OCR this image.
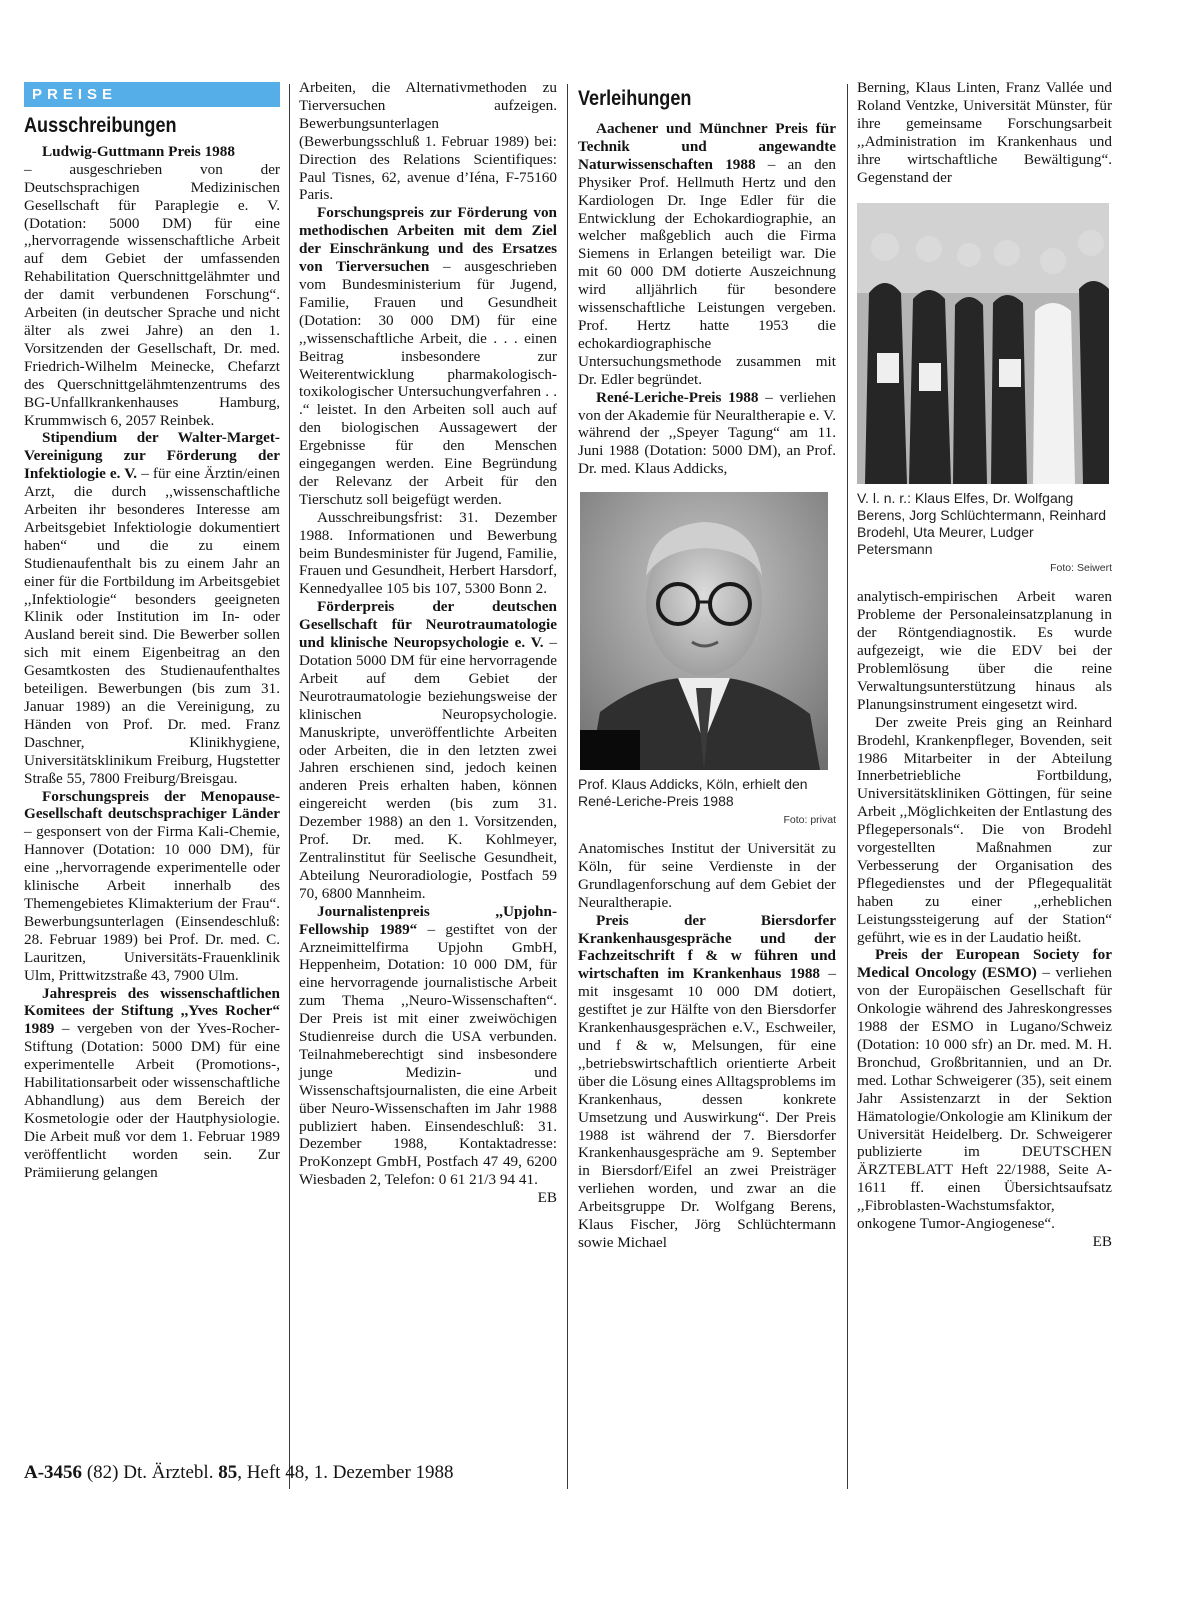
PREISE
Ausschreibungen

Ludwig-Guttmann Preis 1988
– ausgeschrieben von der Deutschsprachigen Medizinischen Gesellschaft für Paraplegie e. V. (Dotation: 5000 DM) für eine ,,hervorragende wissenschaftliche Arbeit auf dem Gebiet der umfassenden Rehabilitation Querschnittgelähmter und der damit verbundenen Forschung“. Arbeiten (in deutscher Sprache und nicht älter als zwei Jahre) an den 1. Vorsitzenden der Gesellschaft, Dr. med. Friedrich-Wilhelm Meinecke, Chefarzt des Querschnittgelähmtenzentrums des BG-Unfallkrankenhauses Hamburg, Krummwisch 6, 2057 Reinbek.

Stipendium der Walter-Marget-Vereinigung zur Förderung der Infektiologie e. V. – für eine Ärztin/einen Arzt, die durch ,,wissenschaftliche Arbeiten ihr besonderes Interesse am Arbeitsgebiet Infektiologie dokumentiert haben“ und die zu einem Studienaufenthalt bis zu einem Jahr an einer für die Fortbildung im Arbeitsgebiet ,,Infektiologie“ besonders geeigneten Klinik oder Institution im In- oder Ausland bereit sind. Die Bewerber sollen sich mit einem Eigenbeitrag an den Gesamtkosten des Studienaufenthaltes beteiligen. Bewerbungen (bis zum 31. Januar 1989) an die Vereinigung, zu Händen von Prof. Dr. med. Franz Daschner, Klinikhygiene, Universitätsklinikum Freiburg, Hugstetter Straße 55, 7800 Freiburg/Breisgau.

Forschungspreis der Menopause-Gesellschaft deutschsprachiger Länder – gesponsert von der Firma Kali-Chemie, Hannover (Dotation: 10 000 DM), für eine ,,hervorragende experimentelle oder klinische Arbeit innerhalb des Themengebietes Klimakterium der Frau“. Bewerbungsunterlagen (Einsendeschluß: 28. Februar 1989) bei Prof. Dr. med. C. Lauritzen, Universitäts-Frauenklinik Ulm, Prittwitzstraße 43, 7900 Ulm.

Jahrespreis des wissenschaftlichen Komitees der Stiftung ,,Yves Rocher“ 1989 – vergeben von der Yves-Rocher-Stiftung (Dotation: 5000 DM) für eine experimentelle Arbeit (Promotions-, Habilitationsarbeit oder wissenschaftliche Abhandlung) aus dem Bereich der Kosmetologie oder der Hautphysiologie. Die Arbeit muß vor dem 1. Februar 1989 veröffentlicht worden sein. Zur Prämiierung gelangen

Arbeiten, die Alternativmethoden zu Tierversuchen aufzeigen. Bewerbungsunterlagen (Bewerbungsschluß 1. Februar 1989) bei: Direction des Relations Scientifiques: Paul Tisnes, 62, avenue d’Iéna, F-75160 Paris.

Forschungspreis zur Förderung von methodischen Arbeiten mit dem Ziel der Einschränkung und des Ersatzes von Tierversuchen – ausgeschrieben vom Bundesministerium für Jugend, Familie, Frauen und Gesundheit (Dotation: 30 000 DM) für eine ,,wissenschaftliche Arbeit, die . . . einen Beitrag insbesondere zur Weiterentwicklung pharmakologisch-toxikologischer Untersuchungverfahren . . .“ leistet. In den Arbeiten soll auch auf den biologischen Aussagewert der Ergebnisse für den Menschen eingegangen werden. Eine Begründung der Relevanz der Arbeit für den Tierschutz soll beigefügt werden.

Ausschreibungsfrist: 31. Dezember 1988. Informationen und Bewerbung beim Bundesminister für Jugend, Familie, Frauen und Gesundheit, Herbert Harsdorf, Kennedyallee 105 bis 107, 5300 Bonn 2.

Förderpreis der deutschen Gesellschaft für Neurotraumatologie und klinische Neuropsychologie e. V. – Dotation 5000 DM für eine hervorragende Arbeit auf dem Gebiet der Neurotraumatologie beziehungsweise der klinischen Neuropsychologie. Manuskripte, unveröffentlichte Arbeiten oder Arbeiten, die in den letzten zwei Jahren erschienen sind, jedoch keinen anderen Preis erhalten haben, können eingereicht werden (bis zum 31. Dezember 1988) an den 1. Vorsitzenden, Prof. Dr. med. K. Kohlmeyer, Zentralinstitut für Seelische Gesundheit, Abteilung Neuroradiologie, Postfach 59 70, 6800 Mannheim.

Journalistenpreis ,,Upjohn-Fellowship 1989“ – gestiftet von der Arzneimittelfirma Upjohn GmbH, Heppenheim, Dotation: 10 000 DM, für eine hervorragende journalistische Arbeit zum Thema ,,Neuro-Wissenschaften“. Der Preis ist mit einer zweiwöchigen Studienreise durch die USA verbunden. Teilnahmeberechtigt sind insbesondere junge Medizin- und Wissenschaftsjournalisten, die eine Arbeit über Neuro-Wissenschaften im Jahr 1988 publiziert haben. Einsendeschluß: 31. Dezember 1988, Kontaktadresse: ProKonzept GmbH, Postfach 47 49, 6200 Wiesbaden 2, Telefon: 0 61 21/3 94 41.

EB

Verleihungen

Aachener und Münchner Preis für Technik und angewandte Naturwissenschaften 1988 – an den Physiker Prof. Hellmuth Hertz und den Kardiologen Dr. Inge Edler für die Entwicklung der Echokardiographie, an welcher maßgeblich auch die Firma Siemens in Erlangen beteiligt war. Die mit 60 000 DM dotierte Auszeichnung wird alljährlich für besondere wissenschaftliche Leistungen vergeben. Prof. Hertz hatte 1953 die echokardiographische Untersuchungsmethode zusammen mit Dr. Edler begründet.

René-Leriche-Preis 1988 – verliehen von der Akademie für Neuraltherapie e. V. während der ,,Speyer Tagung“ am 11. Juni 1988 (Dotation: 5000 DM), an Prof. Dr. med. Klaus Addicks,

Prof. Klaus Addicks, Köln, erhielt den René-Leriche-Preis 1988
Foto: privat

Anatomisches Institut der Universität zu Köln, für seine Verdienste in der Grundlagenforschung auf dem Gebiet der Neuraltherapie.

Preis der Biersdorfer Krankenhausgespräche und der Fachzeitschrift f & w führen und wirtschaften im Krankenhaus 1988 – mit insgesamt 10 000 DM dotiert, gestiftet je zur Hälfte von den Biersdorfer Krankenhausgesprächen e.V., Eschweiler, und f & w, Melsungen, für eine ,,betriebswirtschaftlich orientierte Arbeit über die Lösung eines Alltagsproblems im Krankenhaus, dessen konkrete Umsetzung und Auswirkung“. Der Preis 1988 ist während der 7. Biersdorfer Krankenhausgespräche am 9. September in Biersdorf/Eifel an zwei Preisträger verliehen worden, und zwar an die Arbeitsgruppe Dr. Wolfgang Berens, Klaus Fischer, Jörg Schlüchtermann sowie Michael

Berning, Klaus Linten, Franz Vallée und Roland Ventzke, Universität Münster, für ihre gemeinsame Forschungsarbeit ,,Administration im Krankenhaus und ihre wirtschaftliche Bewältigung“. Gegenstand der

V. l. n. r.: Klaus Elfes, Dr. Wolfgang Berens, Jorg Schlüchtermann, Reinhard Brodehl, Uta Meurer, Ludger Petersmann
Foto: Seiwert

analytisch-empirischen Arbeit waren Probleme der Personaleinsatzplanung in der Röntgendiagnostik. Es wurde aufgezeigt, wie die EDV bei der Problemlösung über die reine Verwaltungsunterstützung hinaus als Planungsinstrument eingesetzt wird.

Der zweite Preis ging an Reinhard Brodehl, Krankenpfleger, Bovenden, seit 1986 Mitarbeiter in der Abteilung Innerbetriebliche Fortbildung, Universitätskliniken Göttingen, für seine Arbeit ,,Möglichkeiten der Entlastung des Pflegepersonals“. Die von Brodehl vorgestellten Maßnahmen zur Verbesserung der Organisation des Pflegedienstes und der Pflegequalität haben zu einer ,,erheblichen Leistungssteigerung auf der Station“ geführt, wie es in der Laudatio heißt.

Preis der European Society for Medical Oncology (ESMO) – verliehen von der Europäischen Gesellschaft für Onkologie während des Jahreskongresses 1988 der ESMO in Lugano/Schweiz (Dotation: 10 000 sfr) an Dr. med. M. H. Bronchud, Großbritannien, und an Dr. med. Lothar Schweigerer (35), seit einem Jahr Assistenzarzt in der Sektion Hämatologie/Onkologie am Klinikum der Universität Heidelberg. Dr. Schweigerer publizierte im DEUTSCHEN ÄRZTEBLATT Heft 22/1988, Seite A-1611 ff. einen Übersichtsaufsatz ,,Fibroblasten-Wachstumsfaktor, onkogene Tumor-Angiogenese“.

EB

A-3456 (82) Dt. Ärztebl. 85, Heft 48, 1. Dezember 1988
